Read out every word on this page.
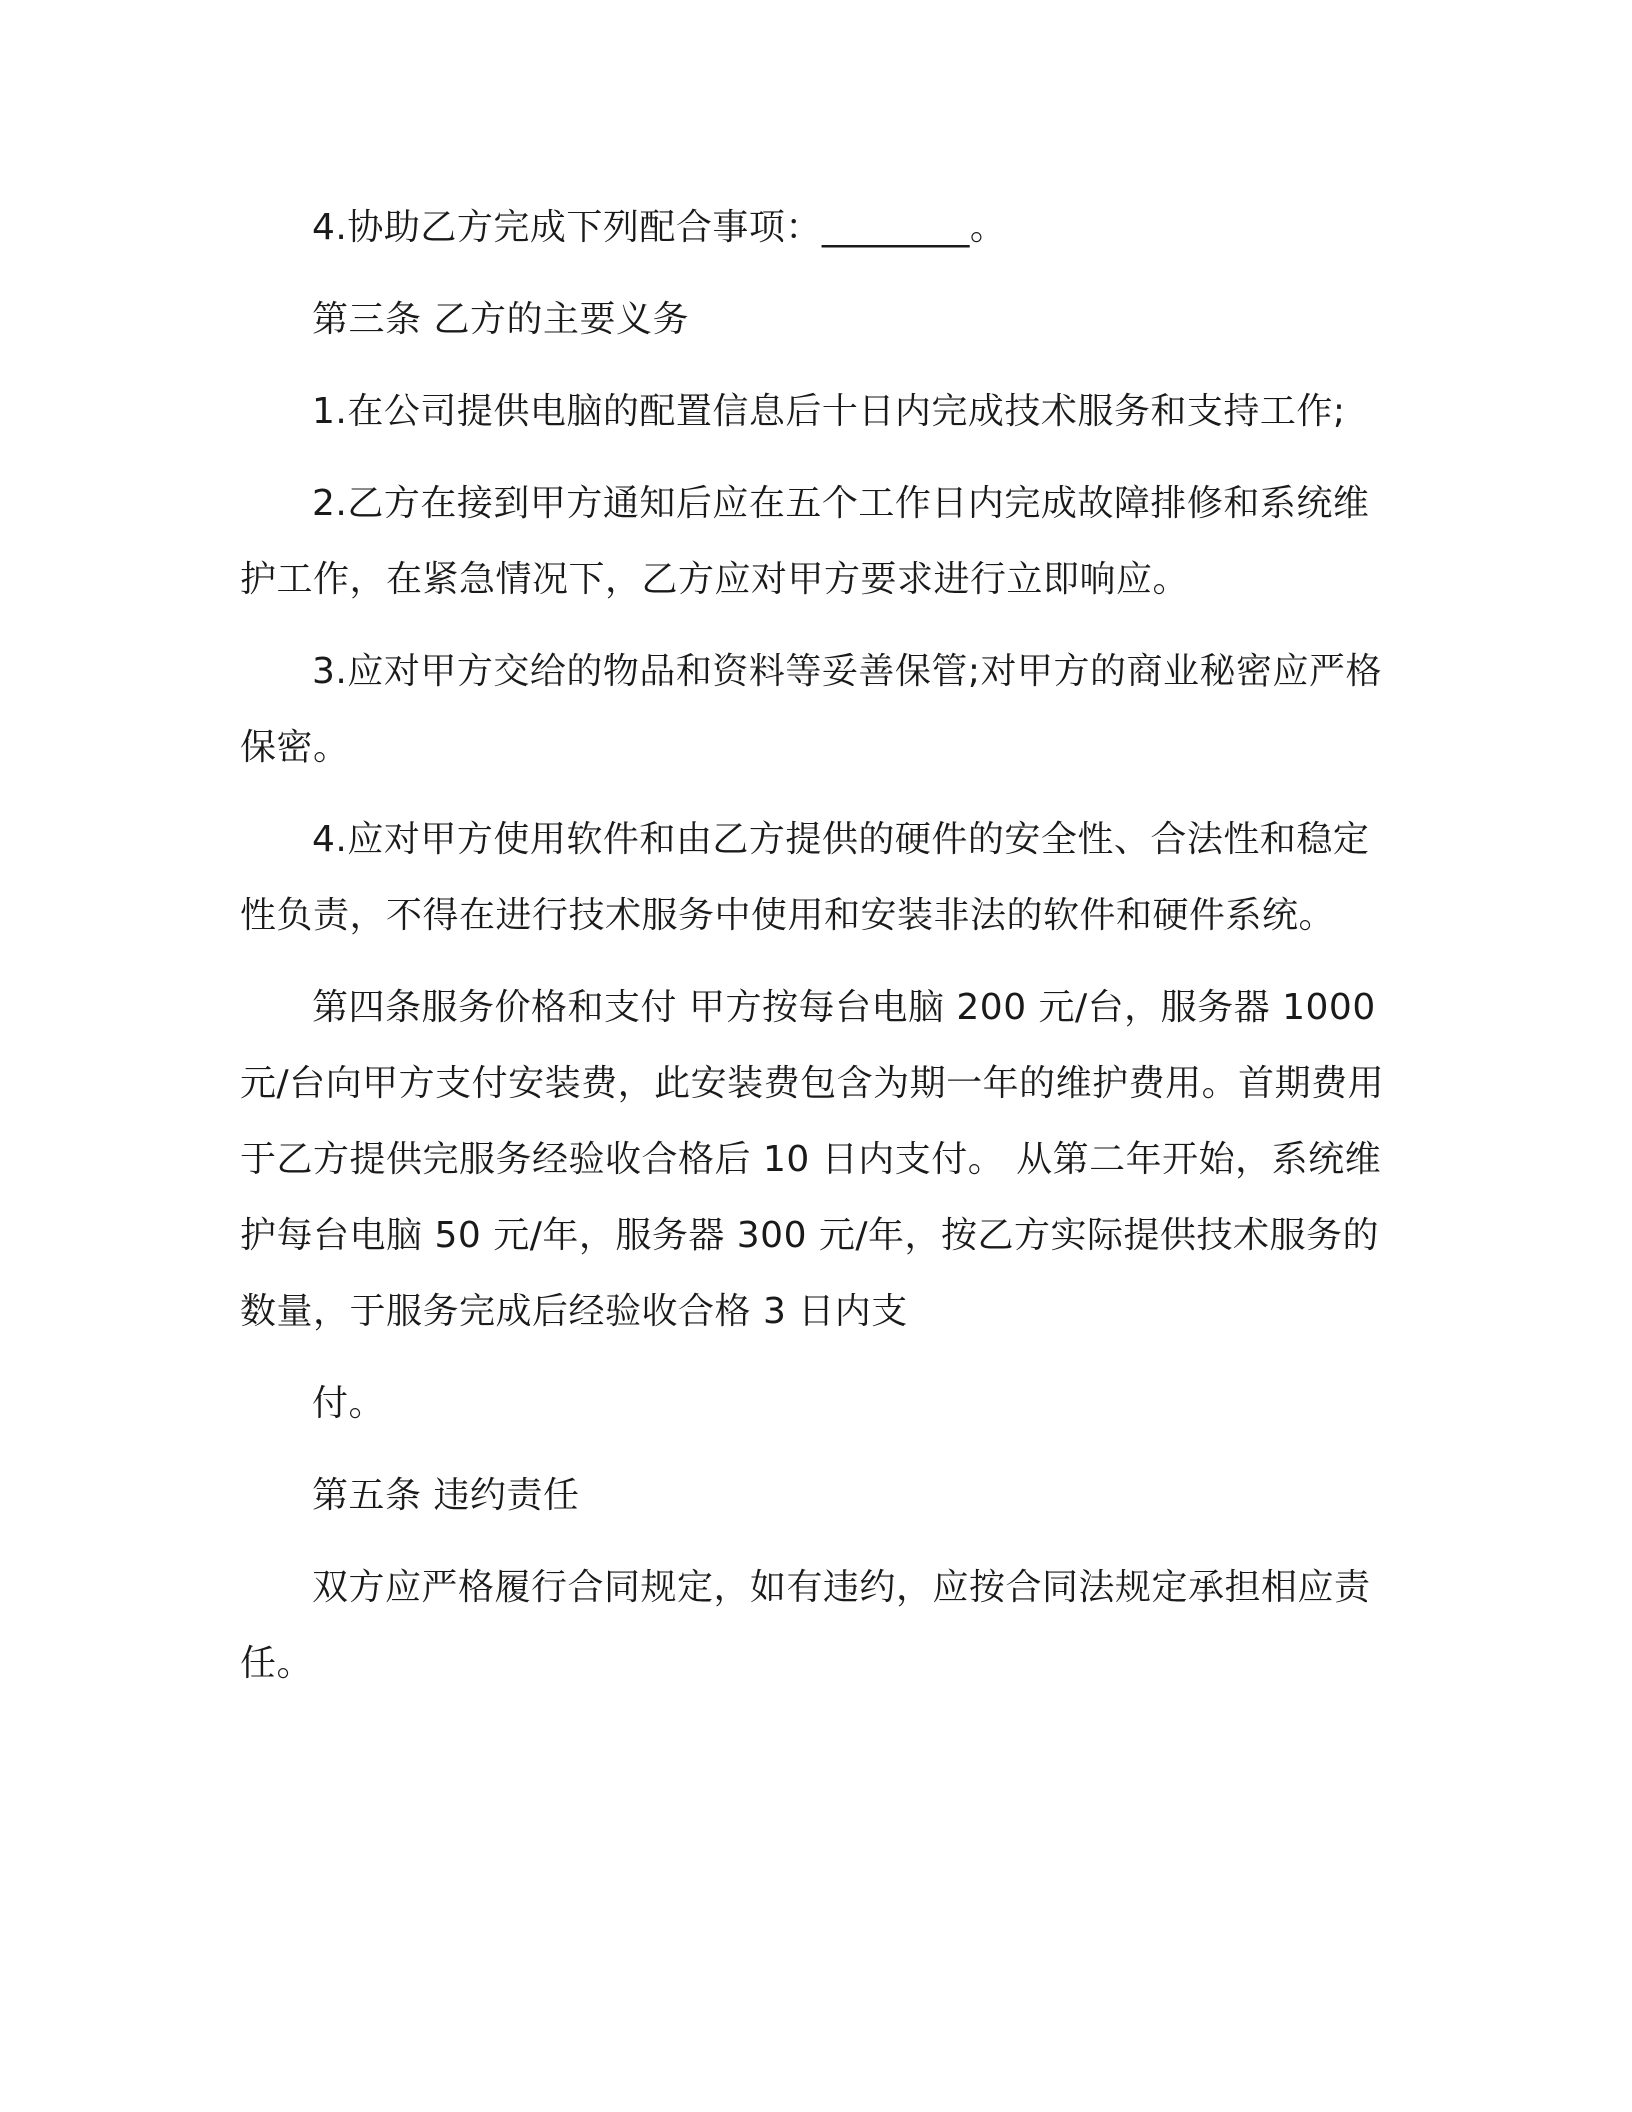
4.协助乙方完成下列配合事项：________。

第三条 乙方的主要义务

1.在公司提供电脑的配置信息后十日内完成技术服务和支持工作;

2.乙方在接到甲方通知后应在五个工作日内完成故障排修和系统维护工作，在紧急情况下，乙方应对甲方要求进行立即响应。

3.应对甲方交给的物品和资料等妥善保管;对甲方的商业秘密应严格保密。

4.应对甲方使用软件和由乙方提供的硬件的安全性、合法性和稳定性负责，不得在进行技术服务中使用和安装非法的软件和硬件系统。

第四条服务价格和支付 甲方按每台电脑 200 元/台，服务器 1000 元/台向甲方支付安装费，此安装费包含为期一年的维护费用。首期费用于乙方提供完服务经验收合格后 10 日内支付。 从第二年开始，系统维护每台电脑 50 元/年，服务器 300 元/年，按乙方实际提供技术服务的数量，于服务完成后经验收合格 3 日内支

付。

第五条 违约责任

双方应严格履行合同规定，如有违约，应按合同法规定承担相应责任。
